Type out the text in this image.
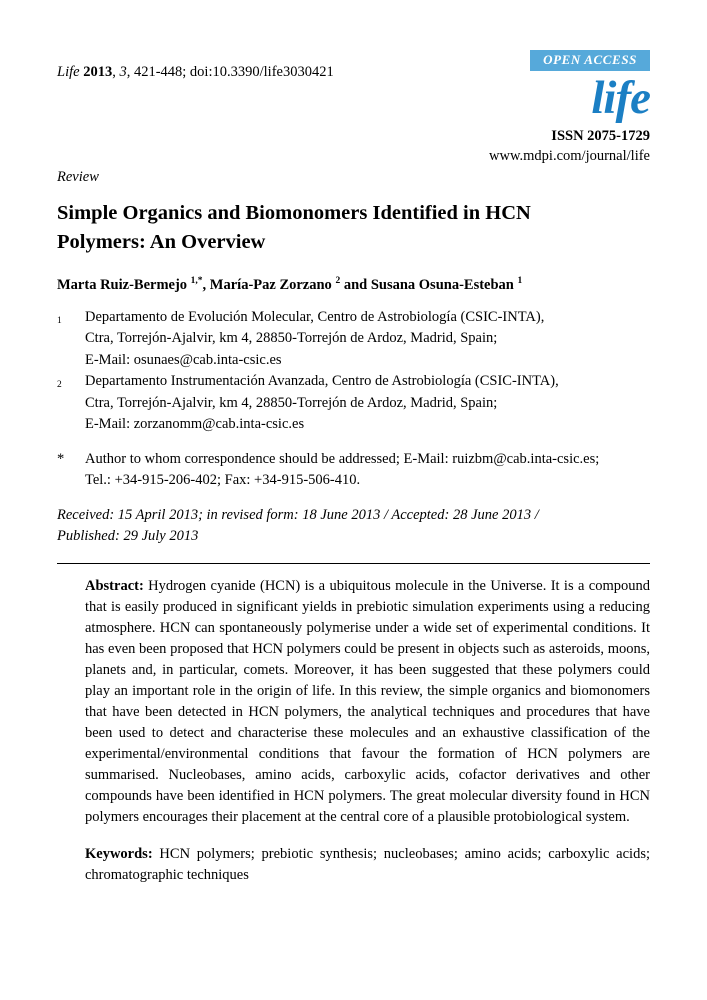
Life 2013, 3, 421-448; doi:10.3390/life3030421
OPEN ACCESS
life
ISSN 2075-1729
www.mdpi.com/journal/life
Review
Simple Organics and Biomonomers Identified in HCN
Polymers: An Overview
Marta Ruiz-Bermejo $^{1,*}$, María-Paz Zorzano $^2$ and Susana Osuna-Esteban $^1$
1	Departamento de Evolución Molecular, Centro de Astrobiología (CSIC-INTA),
Ctra, Torrejón-Ajalvir, km 4, 28850-Torrejón de Ardoz, Madrid, Spain;
E-Mail: osunaes@cab.inta-csic.es
2	Departamento Instrumentación Avanzada, Centro de Astrobiología (CSIC-INTA),
Ctra, Torrejón-Ajalvir, km 4, 28850-Torrejón de Ardoz, Madrid, Spain;
E-Mail: zorzanomm@cab.inta-csic.es
*	Author to whom correspondence should be addressed; E-Mail: ruizbm@cab.inta-csic.es;
Tel.: +34-915-206-402; Fax: +34-915-506-410.
Received: 15 April 2013; in revised form: 18 June 2013 / Accepted: 28 June 2013 /
Published: 29 July 2013
Abstract: Hydrogen cyanide (HCN) is a ubiquitous molecule in the Universe. It is a compound that is easily produced in significant yields in prebiotic simulation experiments using a reducing atmosphere. HCN can spontaneously polymerise under a wide set of experimental conditions. It has even been proposed that HCN polymers could be present in objects such as asteroids, moons, planets and, in particular, comets. Moreover, it has been suggested that these polymers could play an important role in the origin of life. In this review, the simple organics and biomonomers that have been detected in HCN polymers, the analytical techniques and procedures that have been used to detect and characterise these molecules and an exhaustive classification of the experimental/environmental conditions that favour the formation of HCN polymers are summarised. Nucleobases, amino acids, carboxylic acids, cofactor derivatives and other compounds have been identified in HCN polymers. The great molecular diversity found in HCN polymers encourages their placement at the central core of a plausible protobiological system.
Keywords: HCN polymers; prebiotic synthesis; nucleobases; amino acids; carboxylic acids; chromatographic techniques
